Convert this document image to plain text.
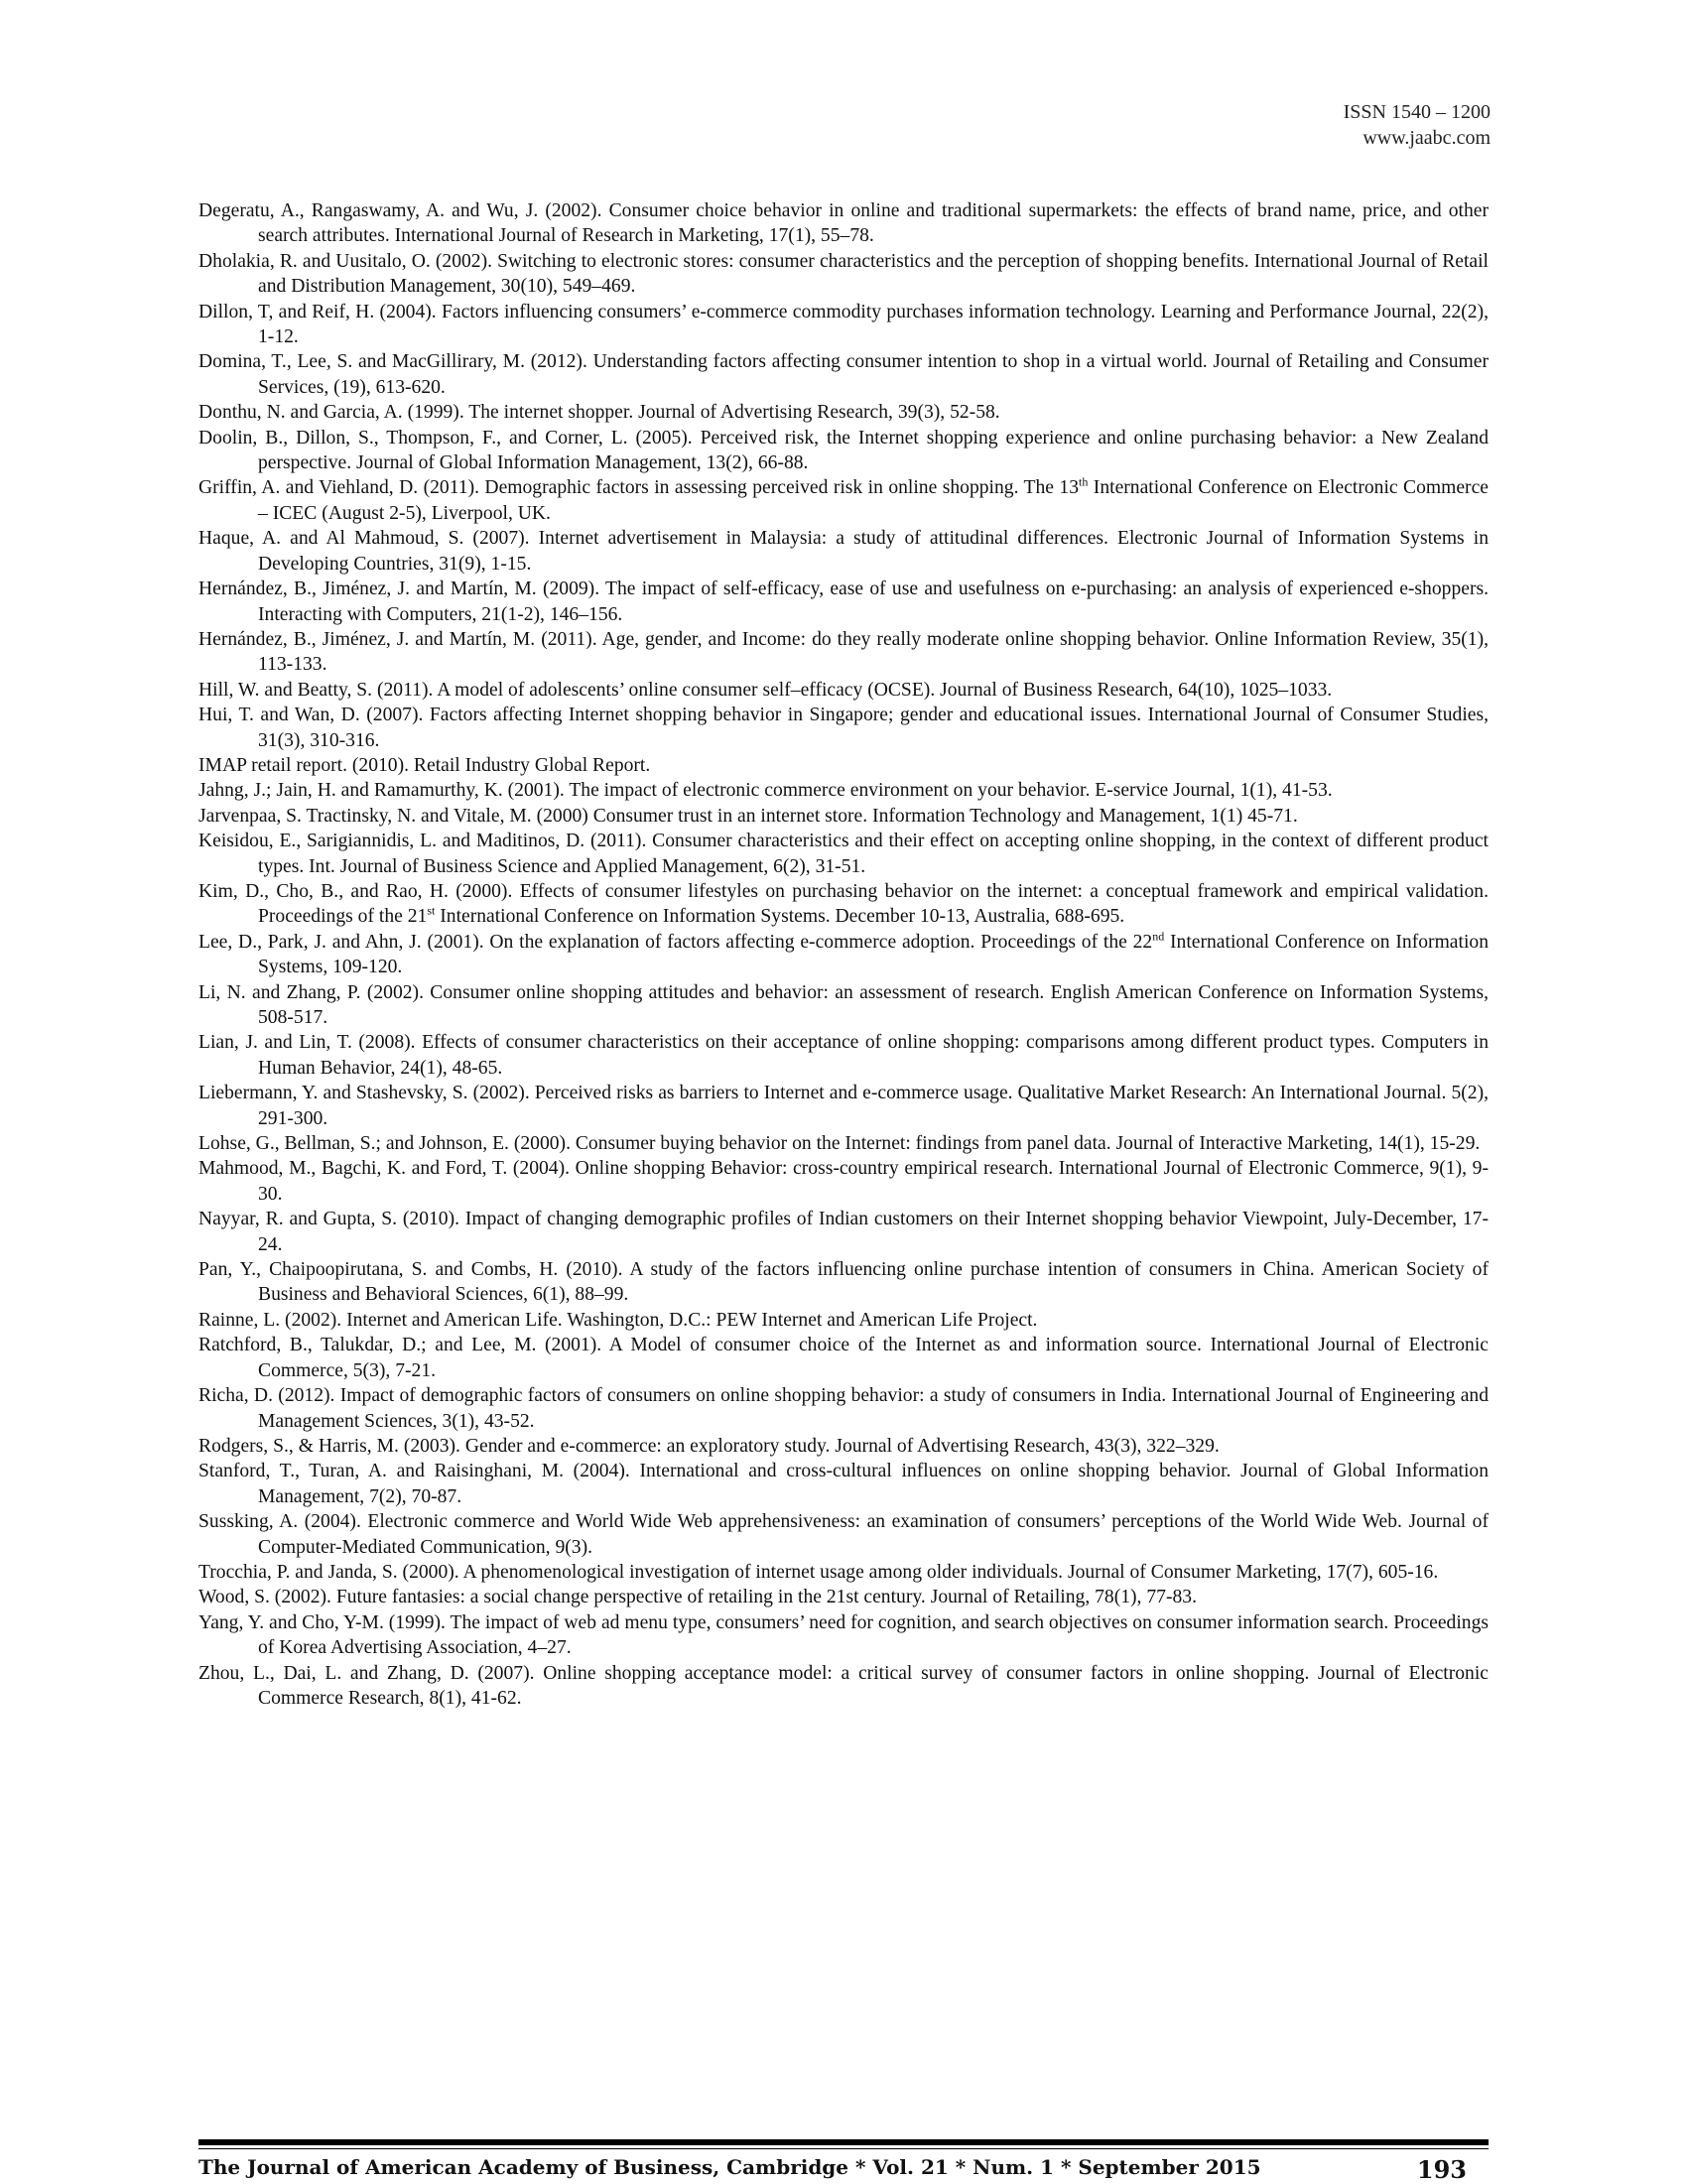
ISSN 1540 – 1200
www.jaabc.com
Degeratu, A., Rangaswamy, A. and Wu, J. (2002). Consumer choice behavior in online and traditional supermarkets: the effects of brand name, price, and other search attributes. International Journal of Research in Marketing, 17(1), 55–78.
Dholakia, R. and Uusitalo, O. (2002). Switching to electronic stores: consumer characteristics and the perception of shopping benefits. International Journal of Retail and Distribution Management, 30(10), 549–469.
Dillon, T, and Reif, H. (2004). Factors influencing consumers’ e-commerce commodity purchases information technology. Learning and Performance Journal, 22(2), 1-12.
Domina, T., Lee, S. and MacGillirary, M. (2012). Understanding factors affecting consumer intention to shop in a virtual world. Journal of Retailing and Consumer Services, (19), 613-620.
Donthu, N. and Garcia, A. (1999). The internet shopper. Journal of Advertising Research, 39(3), 52-58.
Doolin, B., Dillon, S., Thompson, F., and Corner, L. (2005). Perceived risk, the Internet shopping experience and online purchasing behavior: a New Zealand perspective. Journal of Global Information Management, 13(2), 66-88.
Griffin, A. and Viehland, D. (2011). Demographic factors in assessing perceived risk in online shopping. The 13th International Conference on Electronic Commerce – ICEC (August 2-5), Liverpool, UK.
Haque, A. and Al Mahmoud, S. (2007). Internet advertisement in Malaysia: a study of attitudinal differences. Electronic Journal of Information Systems in Developing Countries, 31(9), 1-15.
Hernández, B., Jiménez, J. and Martín, M. (2009). The impact of self-efficacy, ease of use and usefulness on e-purchasing: an analysis of experienced e-shoppers. Interacting with Computers, 21(1-2), 146–156.
Hernández, B., Jiménez, J. and Martín, M. (2011). Age, gender, and Income: do they really moderate online shopping behavior. Online Information Review, 35(1), 113-133.
Hill, W. and Beatty, S. (2011). A model of adolescents’ online consumer self–efficacy (OCSE). Journal of Business Research, 64(10), 1025–1033.
Hui, T. and Wan, D. (2007). Factors affecting Internet shopping behavior in Singapore; gender and educational issues. International Journal of Consumer Studies, 31(3), 310-316.
IMAP retail report. (2010). Retail Industry Global Report.
Jahng, J.; Jain, H. and Ramamurthy, K. (2001). The impact of electronic commerce environment on your behavior. E-service Journal, 1(1), 41-53.
Jarvenpaa, S. Tractinsky, N. and Vitale, M. (2000) Consumer trust in an internet store. Information Technology and Management, 1(1) 45-71.
Keisidou, E., Sarigiannidis, L. and Maditinos, D. (2011). Consumer characteristics and their effect on accepting online shopping, in the context of different product types. Int. Journal of Business Science and Applied Management, 6(2), 31-51.
Kim, D., Cho, B., and Rao, H. (2000). Effects of consumer lifestyles on purchasing behavior on the internet: a conceptual framework and empirical validation. Proceedings of the 21st International Conference on Information Systems. December 10-13, Australia, 688-695.
Lee, D., Park, J. and Ahn, J. (2001). On the explanation of factors affecting e-commerce adoption. Proceedings of the 22nd International Conference on Information Systems, 109-120.
Li, N. and Zhang, P. (2002). Consumer online shopping attitudes and behavior: an assessment of research. English American Conference on Information Systems, 508-517.
Lian, J. and Lin, T. (2008). Effects of consumer characteristics on their acceptance of online shopping: comparisons among different product types. Computers in Human Behavior, 24(1), 48-65.
Liebermann, Y. and Stashevsky, S. (2002). Perceived risks as barriers to Internet and e-commerce usage. Qualitative Market Research: An International Journal. 5(2), 291-300.
Lohse, G., Bellman, S.; and Johnson, E. (2000). Consumer buying behavior on the Internet: findings from panel data. Journal of Interactive Marketing, 14(1), 15-29.
Mahmood, M., Bagchi, K. and Ford, T. (2004). Online shopping Behavior: cross-country empirical research. International Journal of Electronic Commerce, 9(1), 9-30.
Nayyar, R. and Gupta, S. (2010). Impact of changing demographic profiles of Indian customers on their Internet shopping behavior Viewpoint, July-December, 17-24.
Pan, Y., Chaipoopirutana, S. and Combs, H. (2010). A study of the factors influencing online purchase intention of consumers in China. American Society of Business and Behavioral Sciences, 6(1), 88–99.
Rainne, L. (2002). Internet and American Life. Washington, D.C.: PEW Internet and American Life Project.
Ratchford, B., Talukdar, D.; and Lee, M. (2001). A Model of consumer choice of the Internet as and information source. International Journal of Electronic Commerce, 5(3), 7-21.
Richa, D. (2012). Impact of demographic factors of consumers on online shopping behavior: a study of consumers in India. International Journal of Engineering and Management Sciences, 3(1), 43-52.
Rodgers, S., & Harris, M. (2003). Gender and e-commerce: an exploratory study. Journal of Advertising Research, 43(3), 322–329.
Stanford, T., Turan, A. and Raisinghani, M. (2004). International and cross-cultural influences on online shopping behavior. Journal of Global Information Management, 7(2), 70-87.
Sussking, A. (2004). Electronic commerce and World Wide Web apprehensiveness: an examination of consumers’ perceptions of the World Wide Web. Journal of Computer-Mediated Communication, 9(3).
Trocchia, P. and Janda, S. (2000). A phenomenological investigation of internet usage among older individuals. Journal of Consumer Marketing, 17(7), 605-16.
Wood, S. (2002). Future fantasies: a social change perspective of retailing in the 21st century. Journal of Retailing, 78(1), 77-83.
Yang, Y. and Cho, Y-M. (1999). The impact of web ad menu type, consumers’ need for cognition, and search objectives on consumer information search. Proceedings of Korea Advertising Association, 4–27.
Zhou, L., Dai, L. and Zhang, D. (2007). Online shopping acceptance model: a critical survey of consumer factors in online shopping. Journal of Electronic Commerce Research, 8(1), 41-62.
The Journal of American Academy of Business, Cambridge * Vol. 21 * Num. 1 * September 2015	193
